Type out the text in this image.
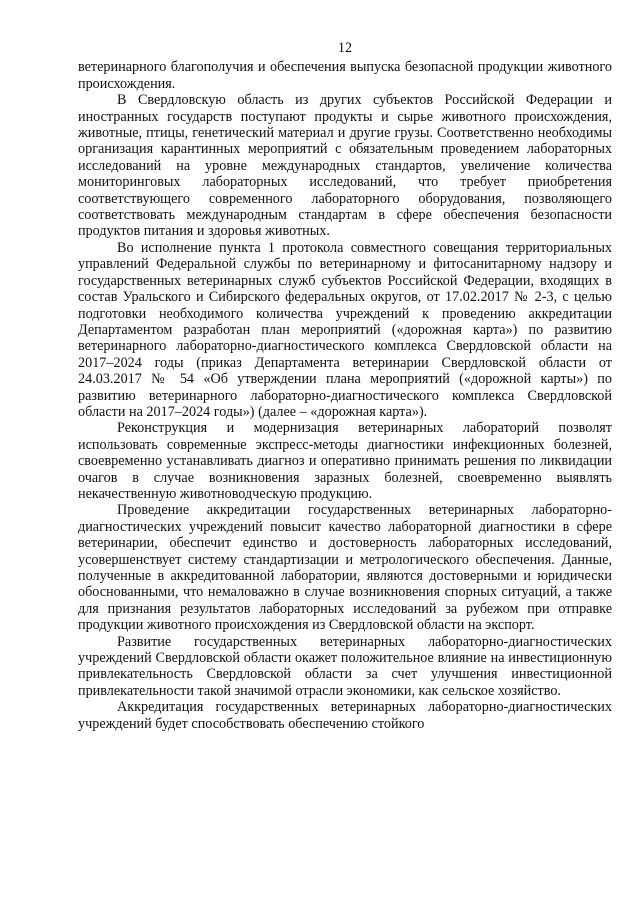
12

ветеринарного благополучия и обеспечения выпуска безопасной продукции животного происхождения.

В Свердловскую область из других субъектов Российской Федерации и иностранных государств поступают продукты и сырье животного происхождения, животные, птицы, генетический материал и другие грузы. Соответственно необходимы организация карантинных мероприятий с обязательным проведением лабораторных исследований на уровне международных стандартов, увеличение количества мониторинговых лабораторных исследований, что требует приобретения соответствующего современного лабораторного оборудования, позволяющего соответствовать международным стандартам в сфере обеспечения безопасности продуктов питания и здоровья животных.

Во исполнение пункта 1 протокола совместного совещания территориальных управлений Федеральной службы по ветеринарному и фитосанитарному надзору и государственных ветеринарных служб субъектов Российской Федерации, входящих в состав Уральского и Сибирского федеральных округов, от 17.02.2017 № 2-3, с целью подготовки необходимого количества учреждений к проведению аккредитации Департаментом разработан план мероприятий («дорожная карта») по развитию ветеринарного лабораторно-диагностического комплекса Свердловской области на 2017–2024 годы (приказ Департамента ветеринарии Свердловской области от 24.03.2017 № 54 «Об утверждении плана мероприятий («дорожной карты») по развитию ветеринарного лабораторно-диагностического комплекса Свердловской области на 2017–2024 годы») (далее – «дорожная карта»).

Реконструкция и модернизация ветеринарных лабораторий позволят использовать современные экспресс-методы диагностики инфекционных болезней, своевременно устанавливать диагноз и оперативно принимать решения по ликвидации очагов в случае возникновения заразных болезней, своевременно выявлять некачественную животноводческую продукцию.

Проведение аккредитации государственных ветеринарных лабораторно-диагностических учреждений повысит качество лабораторной диагностики в сфере ветеринарии, обеспечит единство и достоверность лабораторных исследований, усовершенствует систему стандартизации и метрологического обеспечения. Данные, полученные в аккредитованной лаборатории, являются достоверными и юридически обоснованными, что немаловажно в случае возникновения спорных ситуаций, а также для признания результатов лабораторных исследований за рубежом при отправке продукции животного происхождения из Свердловской области на экспорт.

Развитие государственных ветеринарных лабораторно-диагностических учреждений Свердловской области окажет положительное влияние на инвестиционную привлекательность Свердловской области за счет улучшения инвестиционной привлекательности такой значимой отрасли экономики, как сельское хозяйство.

Аккредитация государственных ветеринарных лабораторно-диагностических учреждений будет способствовать обеспечению стойкого
